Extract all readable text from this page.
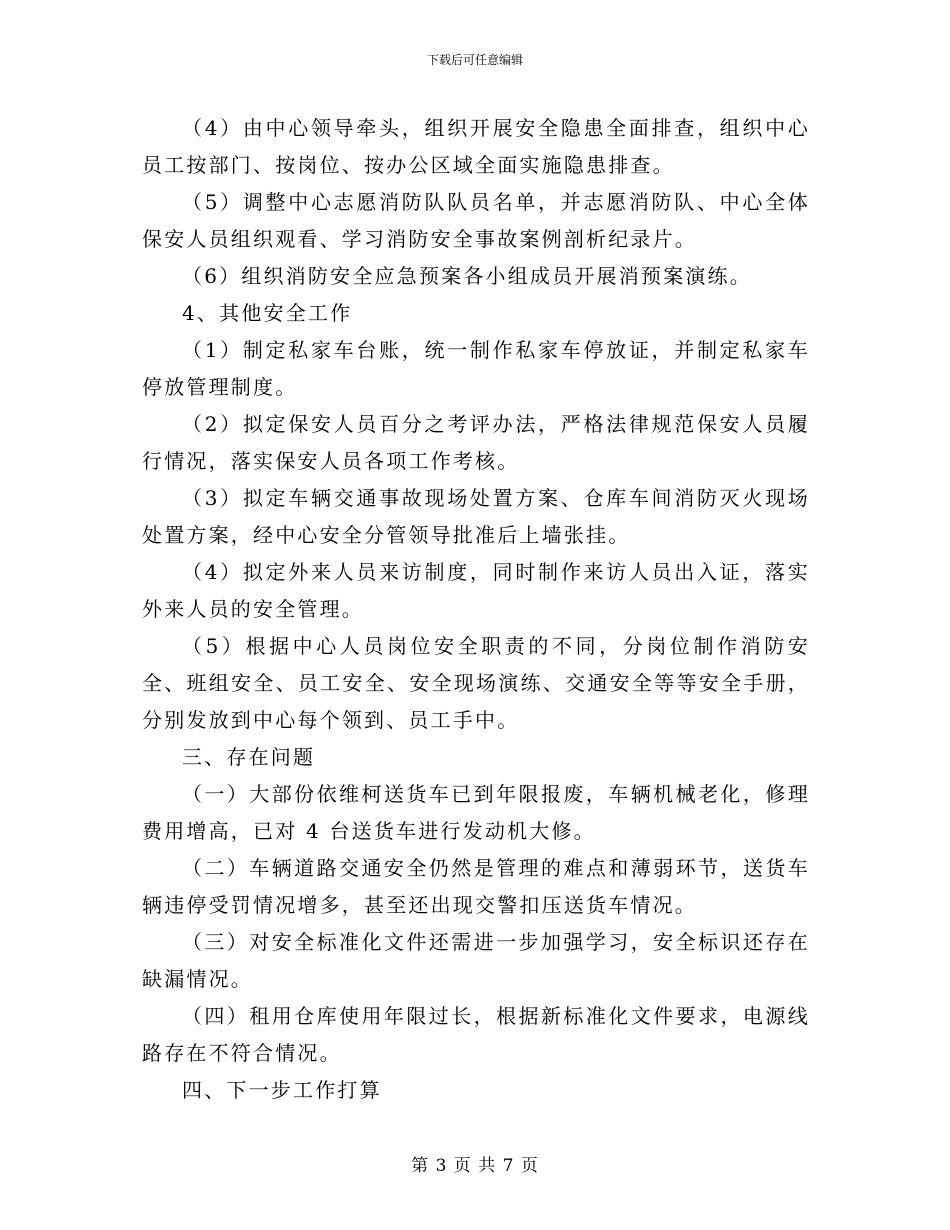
下载后可任意编辑

（4）由中心领导牵头，组织开展安全隐患全面排查，组织中心员工按部门、按岗位、按办公区域全面实施隐患排查。

（5）调整中心志愿消防队队员名单，并志愿消防队、中心全体保安人员组织观看、学习消防安全事故案例剖析纪录片。

（6）组织消防安全应急预案各小组成员开展消预案演练。

4、其他安全工作

（1）制定私家车台账，统一制作私家车停放证，并制定私家车停放管理制度。

（2）拟定保安人员百分之考评办法，严格法律规范保安人员履行情况，落实保安人员各项工作考核。

（3）拟定车辆交通事故现场处置方案、仓库车间消防灭火现场处置方案，经中心安全分管领导批准后上墙张挂。

（4）拟定外来人员来访制度，同时制作来访人员出入证，落实外来人员的安全管理。

（5）根据中心人员岗位安全职责的不同，分岗位制作消防安全、班组安全、员工安全、安全现场演练、交通安全等等安全手册，分别发放到中心每个领到、员工手中。

三、存在问题

（一）大部份依维柯送货车已到年限报废，车辆机械老化，修理费用增高，已对 4 台送货车进行发动机大修。

（二）车辆道路交通安全仍然是管理的难点和薄弱环节，送货车辆违停受罚情况增多，甚至还出现交警扣压送货车情况。

（三）对安全标准化文件还需进一步加强学习，安全标识还存在缺漏情况。

（四）租用仓库使用年限过长，根据新标准化文件要求，电源线路存在不符合情况。

四、下一步工作打算

第 3 页 共 7 页
